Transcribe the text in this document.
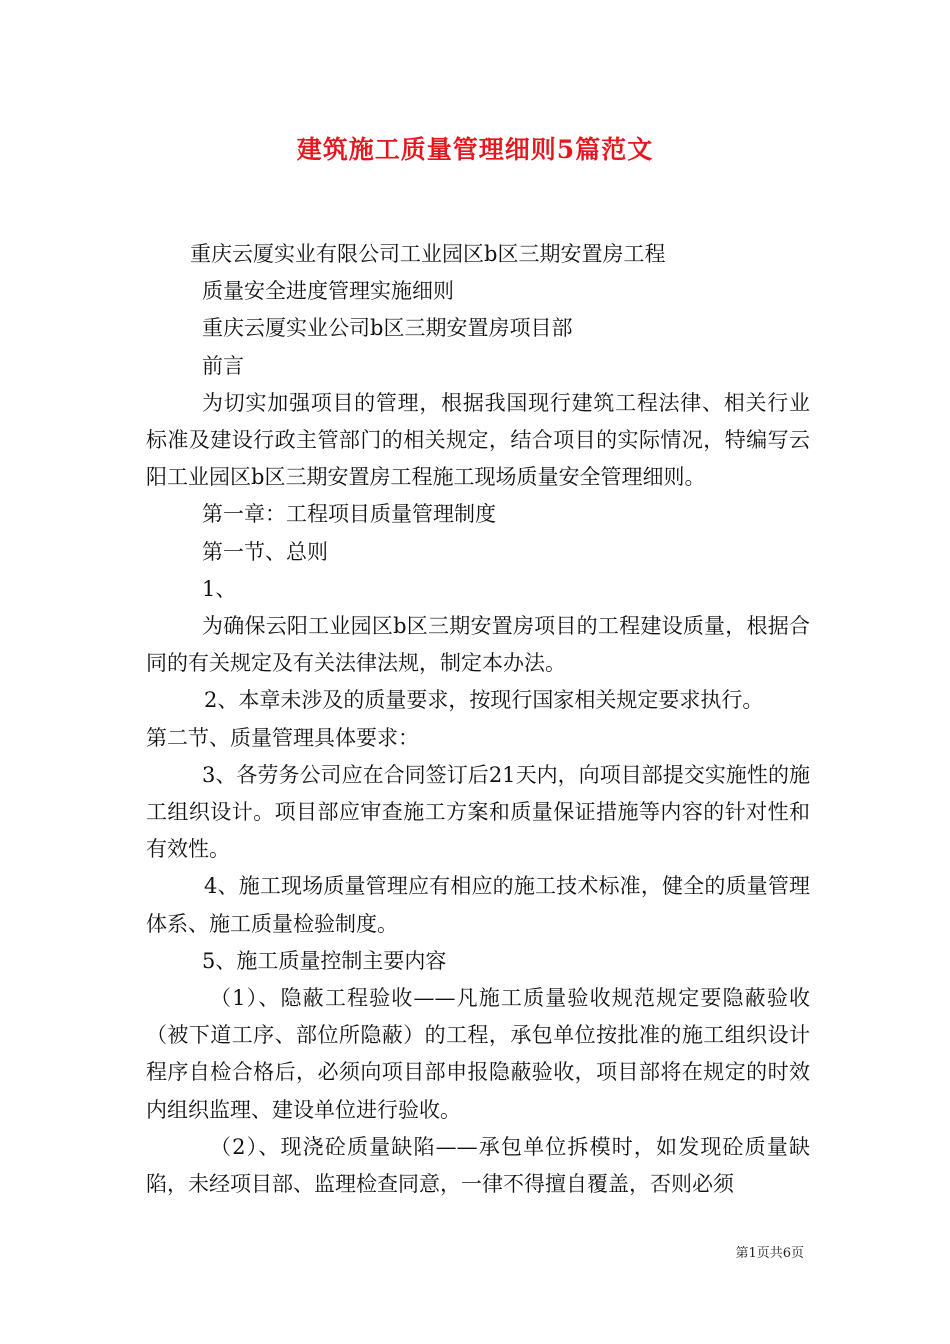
建筑施工质量管理细则5篇范文

重庆云厦实业有限公司工业园区b区三期安置房工程

质量安全进度管理实施细则

重庆云厦实业公司b区三期安置房项目部

前言

为切实加强项目的管理，根据我国现行建筑工程法律、相关行业标准及建设行政主管部门的相关规定，结合项目的实际情况，特编写云阳工业园区b区三期安置房工程施工现场质量安全管理细则。

第一章：工程项目质量管理制度

第一节、总则

1、

为确保云阳工业园区b区三期安置房项目的工程建设质量，根据合同的有关规定及有关法律法规，制定本办法。

2、本章未涉及的质量要求，按现行国家相关规定要求执行。

第二节、质量管理具体要求：

3、各劳务公司应在合同签订后21天内，向项目部提交实施性的施工组织设计。项目部应审查施工方案和质量保证措施等内容的针对性和有效性。

4、施工现场质量管理应有相应的施工技术标准，健全的质量管理体系、施工质量检验制度。

5、施工质量控制主要内容

（1）、隐蔽工程验收——凡施工质量验收规范规定要隐蔽验收（被下道工序、部位所隐蔽）的工程，承包单位按批准的施工组织设计程序自检合格后，必须向项目部申报隐蔽验收，项目部将在规定的时效内组织监理、建设单位进行验收。

（2）、现浇砼质量缺陷——承包单位拆模时，如发现砼质量缺陷，未经项目部、监理检查同意，一律不得擅自覆盖，否则必须

第1页共6页
